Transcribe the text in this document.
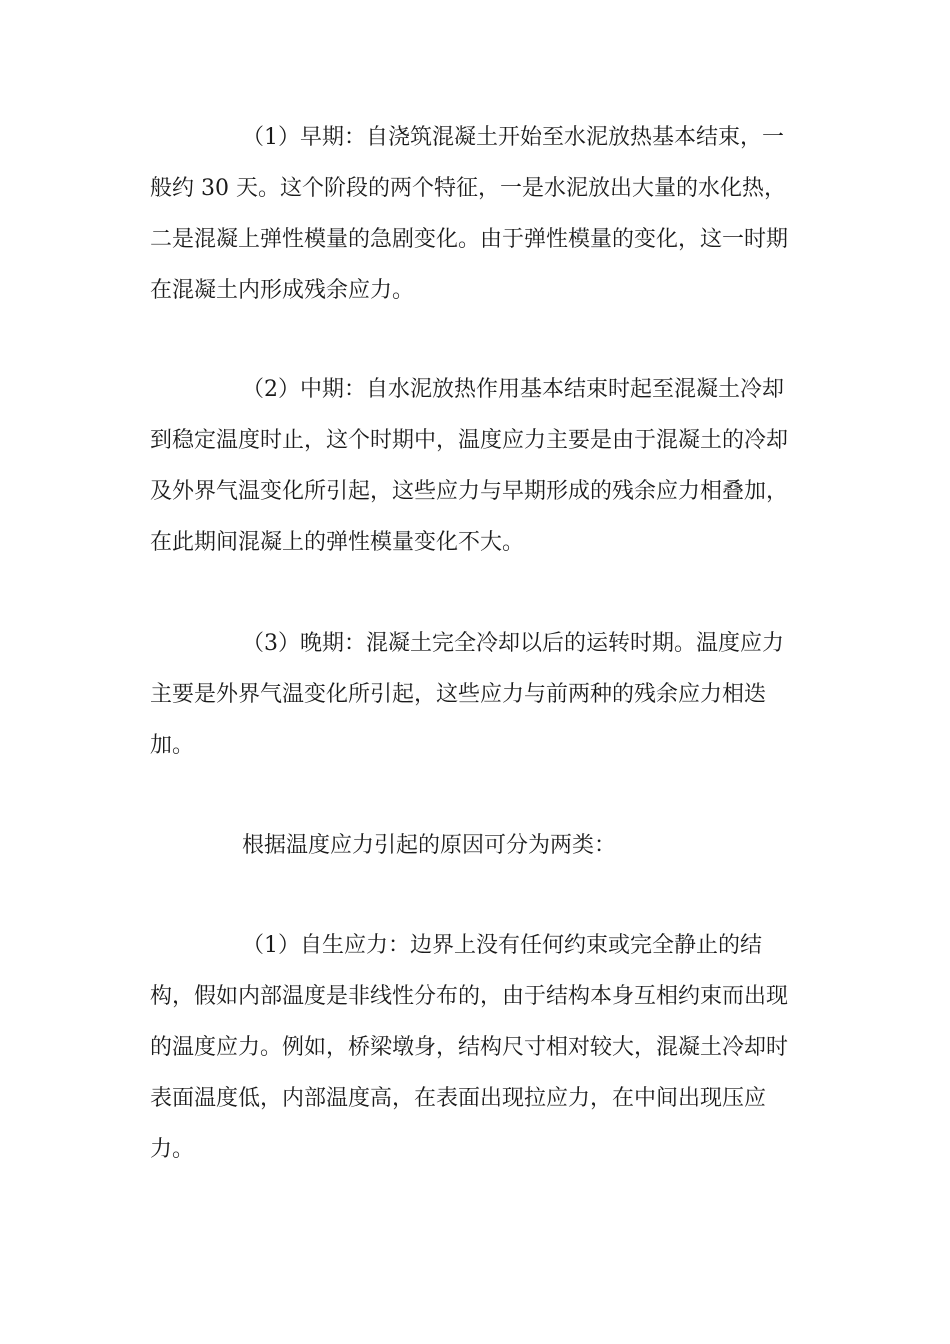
（1）早期：自浇筑混凝土开始至水泥放热基本结束，一
般约 30 天。这个阶段的两个特征，一是水泥放出大量的水化热，
二是混凝上弹性模量的急剧变化。由于弹性模量的变化，这一时期
在混凝土内形成残余应力。
（2）中期：自水泥放热作用基本结束时起至混凝土冷却
到稳定温度时止，这个时期中，温度应力主要是由于混凝土的冷却
及外界气温变化所引起，这些应力与早期形成的残余应力相叠加，
在此期间混凝上的弹性模量变化不大。
（3）晚期：混凝土完全冷却以后的运转时期。温度应力
主要是外界气温变化所引起，这些应力与前两种的残余应力相迭
加。
根据温度应力引起的原因可分为两类：
（1）自生应力：边界上没有任何约束或完全静止的结
构，假如内部温度是非线性分布的，由于结构本身互相约束而出现
的温度应力。例如，桥梁墩身，结构尺寸相对较大，混凝土冷却时
表面温度低，内部温度高，在表面出现拉应力，在中间出现压应
力。
